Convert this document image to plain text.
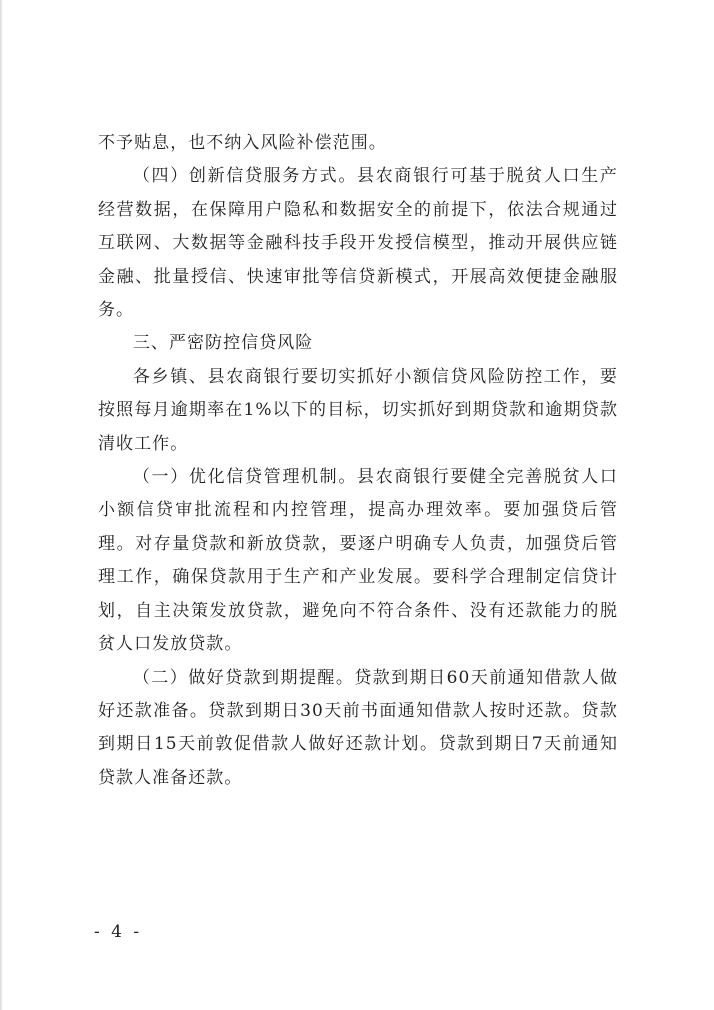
不予贴息，也不纳入风险补偿范围。

（四）创新信贷服务方式。县农商银行可基于脱贫人口生产经营数据，在保障用户隐私和数据安全的前提下，依法合规通过互联网、大数据等金融科技手段开发授信模型，推动开展供应链金融、批量授信、快速审批等信贷新模式，开展高效便捷金融服务。

三、严密防控信贷风险

各乡镇、县农商银行要切实抓好小额信贷风险防控工作，要按照每月逾期率在1%以下的目标，切实抓好到期贷款和逾期贷款清收工作。

（一）优化信贷管理机制。县农商银行要健全完善脱贫人口小额信贷审批流程和内控管理，提高办理效率。要加强贷后管理。对存量贷款和新放贷款，要逐户明确专人负责，加强贷后管理工作，确保贷款用于生产和产业发展。要科学合理制定信贷计划，自主决策发放贷款，避免向不符合条件、没有还款能力的脱贫人口发放贷款。

（二）做好贷款到期提醒。贷款到期日60天前通知借款人做好还款准备。贷款到期日30天前书面通知借款人按时还款。贷款到期日15天前敦促借款人做好还款计划。贷款到期日7天前通知贷款人准备还款。

- 4 -
